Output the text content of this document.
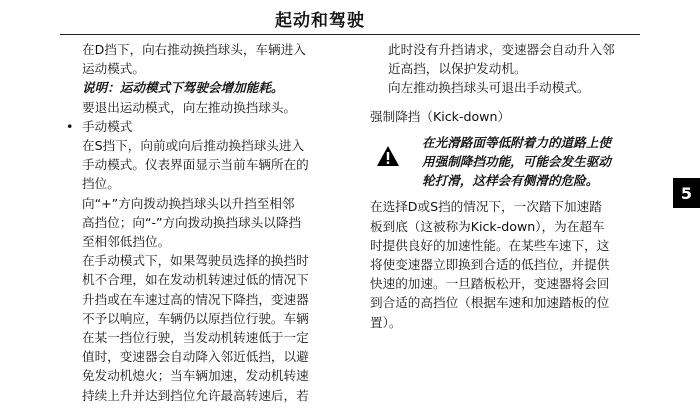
起动和驾驶
在D挡下，向右推动换挡球头，车辆进入
运动模式。
说明：运动模式下驾驶会增加能耗。
要退出运动模式，向左推动换挡球头。
• 手动模式
在S挡下，向前或向后推动换挡球头进入
手动模式。仪表界面显示当前车辆所在的
挡位。
向“+”方向拨动换挡球头以升挡至相邻
高挡位；向“-”方向拨动换挡球头以降挡
至相邻低挡位。
在手动模式下，如果驾驶员选择的换挡时
机不合理，如在发动机转速过低的情况下
升挡或在车速过高的情况下降挡，变速器
不予以响应，车辆仍以原挡位行驶。车辆
在某一挡位行驶，当发动机转速低于一定
值时，变速器会自动降入邻近低挡，以避
免发动机熄火；当车辆加速，发动机转速
持续上升并达到挡位允许最高转速后，若
此时没有升挡请求，变速器会自动升入邻
近高挡，以保护发动机。
向左推动换挡球头可退出手动模式。
强制降挡（Kick-down）
在光滑路面等低附着力的道路上使
用强制降挡功能，可能会发生驱动
轮打滑，这样会有侧滑的危险。
在选择D或S挡的情况下，一次踏下加速踏
板到底（这被称为Kick-down），为在超车
时提供良好的加速性能。在某些车速下，这
将使变速器立即换到合适的低挡位，并提供
快速的加速。一旦踏板松开，变速器将会回
到合适的高挡位（根据车速和加速踏板的位
置）。
5
